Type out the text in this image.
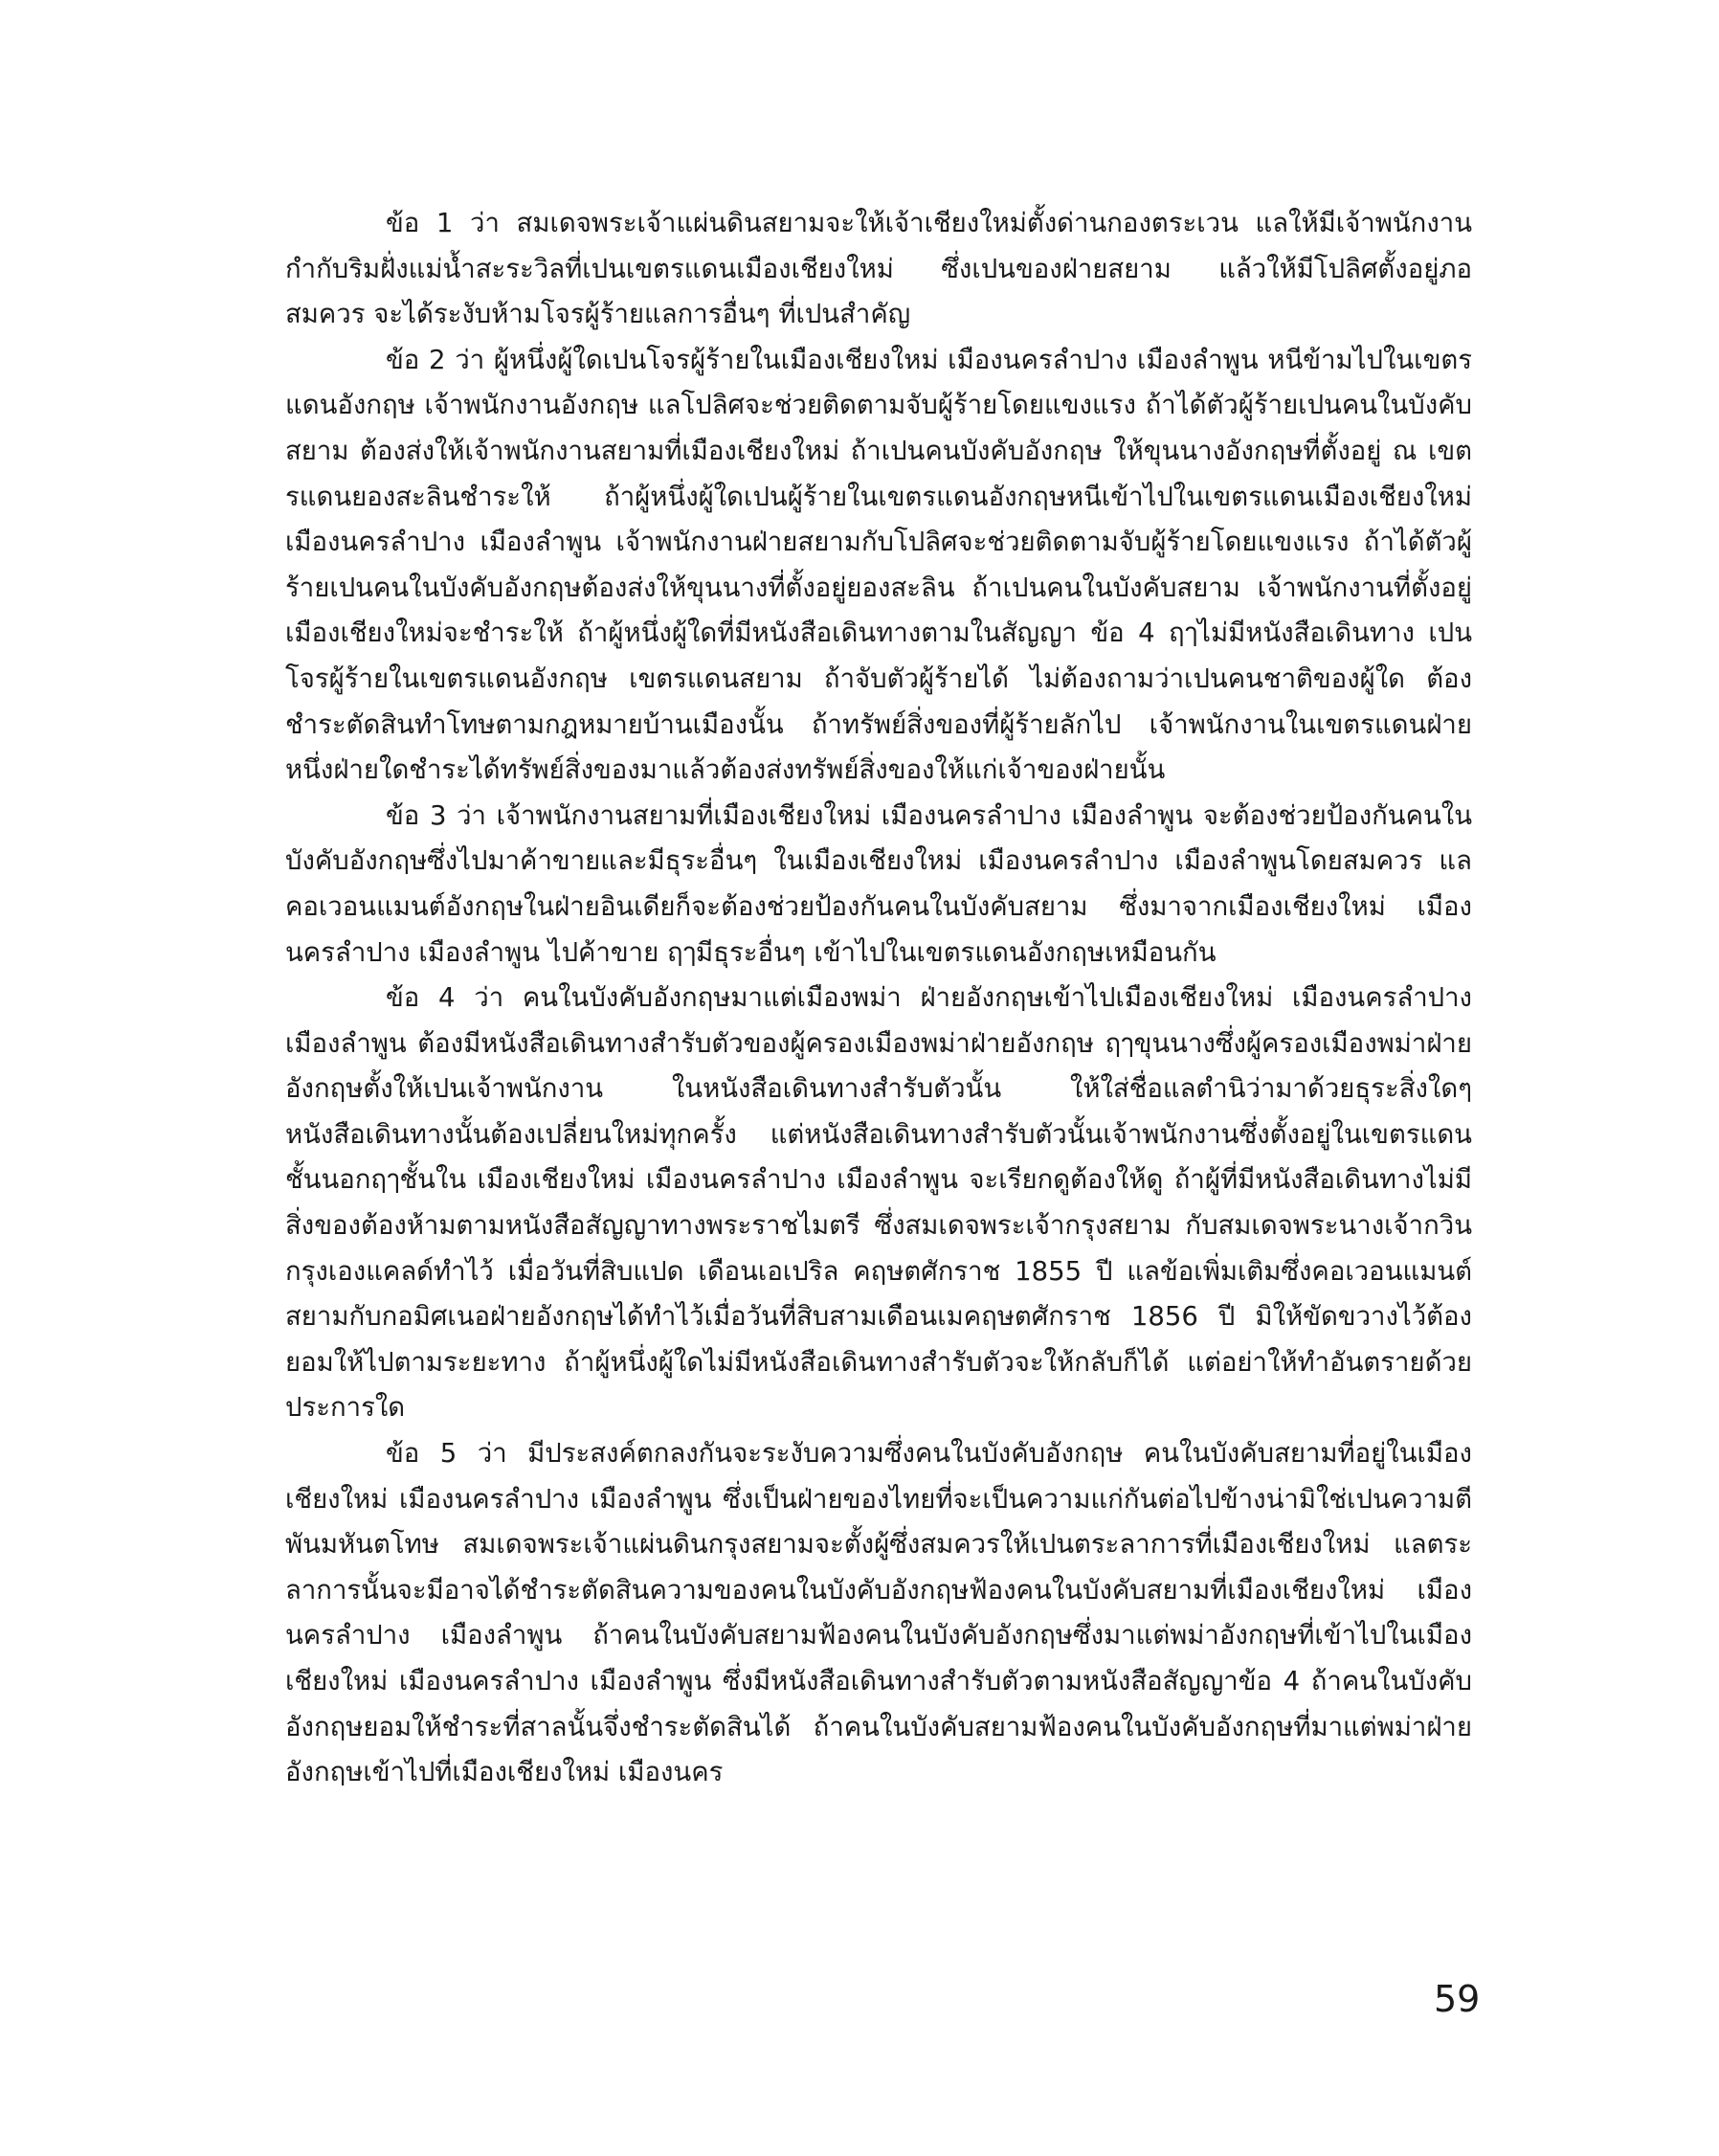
ข้อ 1 ว่า สมเดจพระเจ้าแผ่นดินสยามจะให้เจ้าเชียงใหม่ตั้งด่านกองตระเวน แลให้มีเจ้าพนักงานกำกับริมฝั่งแม่น้ำสะระวิลที่เปนเขตรแดนเมืองเชียงใหม่ ซึ่งเปนของฝ่ายสยาม แล้วให้มีโปลิศตั้งอยู่ภอสมควร จะได้ระงับห้ามโจรผู้ร้ายแลการอื่นๆ ที่เปนสำคัญ

ข้อ 2 ว่า ผู้หนึ่งผู้ใดเปนโจรผู้ร้ายในเมืองเชียงใหม่ เมืองนครลำปาง เมืองลำพูน หนีข้ามไปในเขตรแดนอังกฤษ เจ้าพนักงานอังกฤษ แลโปลิศจะช่วยติดตามจับผู้ร้ายโดยแขงแรง ถ้าได้ตัวผู้ร้ายเปนคนในบังคับสยาม ต้องส่งให้เจ้าพนักงานสยามที่เมืองเชียงใหม่ ถ้าเปนคนบังคับอังกฤษ ให้ขุนนางอังกฤษที่ตั้งอยู่ ณ เขตรแดนยองสะลินชำระให้ ถ้าผู้หนึ่งผู้ใดเปนผู้ร้ายในเขตรแดนอังกฤษหนีเข้าไปในเขตรแดนเมืองเชียงใหม่ เมืองนครลำปาง เมืองลำพูน เจ้าพนักงานฝ่ายสยามกับโปลิศจะช่วยติดตามจับผู้ร้ายโดยแขงแรง ถ้าได้ตัวผู้ร้ายเปนคนในบังคับอังกฤษต้องส่งให้ขุนนางที่ตั้งอยู่ยองสะลิน ถ้าเปนคนในบังคับสยาม เจ้าพนักงานที่ตั้งอยู่เมืองเชียงใหม่จะชำระให้ ถ้าผู้หนึ่งผู้ใดที่มีหนังสือเดินทางตามในสัญญา ข้อ 4 ฤๅไม่มีหนังสือเดินทาง เปนโจรผู้ร้ายในเขตรแดนอังกฤษ เขตรแดนสยาม ถ้าจับตัวผู้ร้ายได้ ไม่ต้องถามว่าเปนคนชาติของผู้ใด ต้องชำระตัดสินทำโทษตามกฎหมายบ้านเมืองนั้น ถ้าทรัพย์สิ่งของที่ผู้ร้ายลักไป เจ้าพนักงานในเขตรแดนฝ่ายหนึ่งฝ่ายใดชำระได้ทรัพย์สิ่งของมาแล้วต้องส่งทรัพย์สิ่งของให้แก่เจ้าของฝ่ายนั้น

ข้อ 3 ว่า เจ้าพนักงานสยามที่เมืองเชียงใหม่ เมืองนครลำปาง เมืองลำพูน จะต้องช่วยป้องกันคนในบังคับอังกฤษซึ่งไปมาค้าขายและมีธุระอื่นๆ ในเมืองเชียงใหม่ เมืองนครลำปาง เมืองลำพูนโดยสมควร แลคอเวอนแมนต์อังกฤษในฝ่ายอินเดียก็จะต้องช่วยป้องกันคนในบังคับสยาม ซึ่งมาจากเมืองเชียงใหม่ เมืองนครลำปาง เมืองลำพูน ไปค้าขาย ฤๅมีธุระอื่นๆ เข้าไปในเขตรแดนอังกฤษเหมือนกัน

ข้อ 4 ว่า คนในบังคับอังกฤษมาแต่เมืองพม่า ฝ่ายอังกฤษเข้าไปเมืองเชียงใหม่ เมืองนครลำปาง เมืองลำพูน ต้องมีหนังสือเดินทางสำรับตัวของผู้ครองเมืองพม่าฝ่ายอังกฤษ ฤๅขุนนางซึ่งผู้ครองเมืองพม่าฝ่ายอังกฤษตั้งให้เปนเจ้าพนักงาน ในหนังสือเดินทางสำรับตัวนั้น ให้ใส่ชื่อแลตำนิว่ามาด้วยธุระสิ่งใดๆ หนังสือเดินทางนั้นต้องเปลี่ยนใหม่ทุกครั้ง แต่หนังสือเดินทางสำรับตัวนั้นเจ้าพนักงานซึ่งตั้งอยู่ในเขตรแดนชั้นนอกฤๅชั้นใน เมืองเชียงใหม่ เมืองนครลำปาง เมืองลำพูน จะเรียกดูต้องให้ดู ถ้าผู้ที่มีหนังสือเดินทางไม่มีสิ่งของต้องห้ามตามหนังสือสัญญาทางพระราชไมตรี ซึ่งสมเดจพระเจ้ากรุงสยาม กับสมเดจพระนางเจ้ากวินกรุงเองแคลด์ทำไว้ เมื่อวันที่สิบแปด เดือนเอเปริล คฤษตศักราช 1855 ปี แลข้อเพิ่มเติมซึ่งคอเวอนแมนต์สยามกับกอมิศเนอฝ่ายอังกฤษได้ทำไว้เมื่อวันที่สิบสามเดือนเมคฤษตศักราช 1856 ปี มิให้ขัดขวางไว้ต้องยอมให้ไปตามระยะทาง ถ้าผู้หนึ่งผู้ใดไม่มีหนังสือเดินทางสำรับตัวจะให้กลับก็ได้ แต่อย่าให้ทำอันตรายด้วยประการใด

ข้อ 5 ว่า มีประสงค์ตกลงกันจะระงับความซึ่งคนในบังคับอังกฤษ คนในบังคับสยามที่อยู่ในเมืองเชียงใหม่ เมืองนครลำปาง เมืองลำพูน ซึ่งเป็นฝ่ายของไทยที่จะเป็นความแก่กันต่อไปข้างน่ามิใช่เปนความตีพันมหันตโทษ สมเดจพระเจ้าแผ่นดินกรุงสยามจะตั้งผู้ซึ่งสมควรให้เปนตระลาการที่เมืองเชียงใหม่ แลตระลาการนั้นจะมีอาจได้ชำระตัดสินความของคนในบังคับอังกฤษฟ้องคนในบังคับสยามที่เมืองเชียงใหม่ เมืองนครลำปาง เมืองลำพูน ถ้าคนในบังคับสยามฟ้องคนในบังคับอังกฤษซึ่งมาแต่พม่าอังกฤษที่เข้าไปในเมืองเชียงใหม่ เมืองนครลำปาง เมืองลำพูน ซึ่งมีหนังสือเดินทางสำรับตัวตามหนังสือสัญญาข้อ 4 ถ้าคนในบังคับอังกฤษยอมให้ชำระที่สาลนั้นจึ่งชำระตัดสินได้ ถ้าคนในบังคับสยามฟ้องคนในบังคับอังกฤษที่มาแต่พม่าฝ่ายอังกฤษเข้าไปที่เมืองเชียงใหม่ เมืองนคร

59
